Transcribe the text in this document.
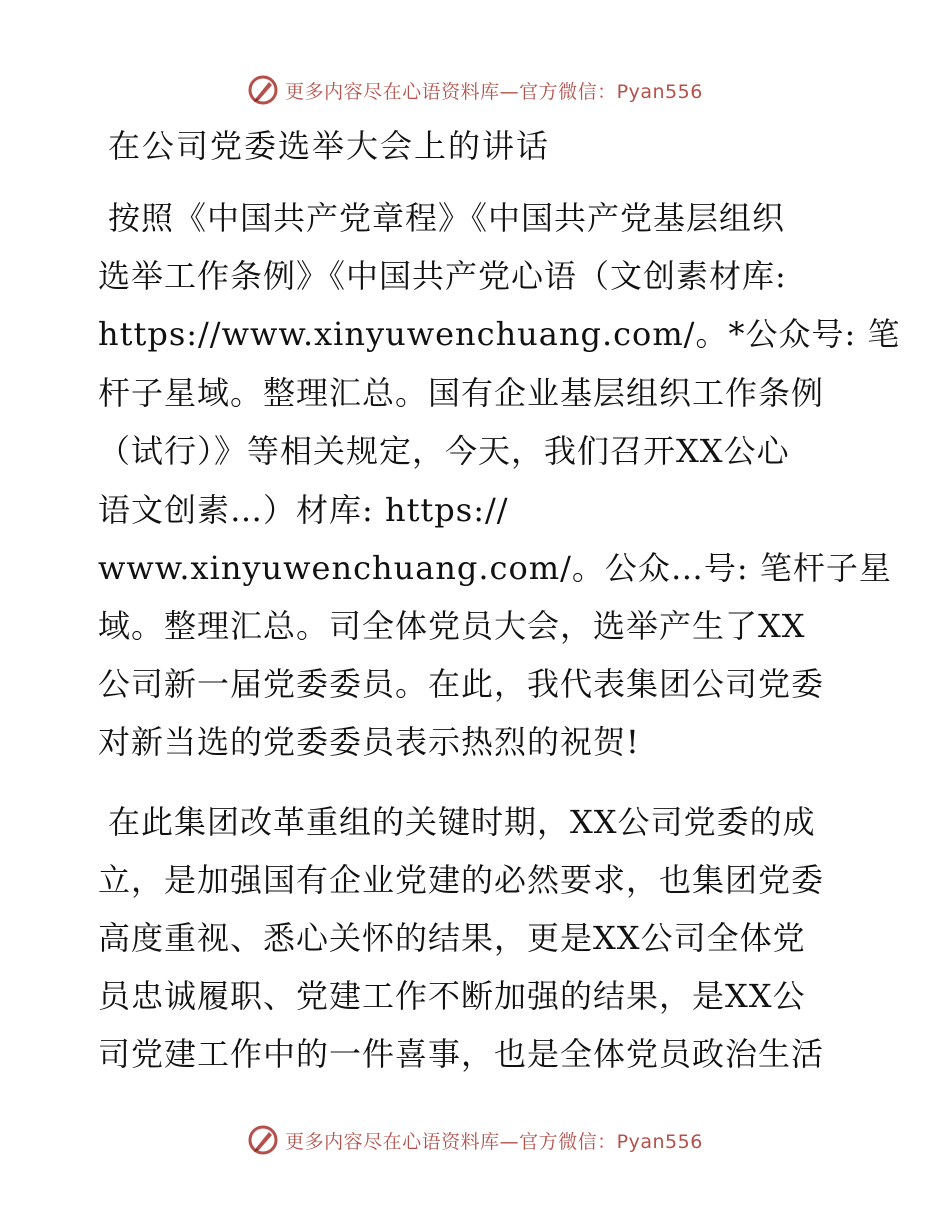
更多内容尽在心语资料库—官方微信：Pyan556
在公司党委选举大会上的讲话
按照《中国共产党章程》《中国共产党基层组织
选举工作条例》《中国共产党心语（文创素材库:
https://www.xinyuwenchuang.com/。*公众号: 笔
杆子星域。整理汇总。国有企业基层组织工作条例
（试行）》等相关规定，今天，我们召开XX公心
语文创素…）材库: https://
www.xinyuwenchuang.com/。公众…号: 笔杆子星
域。整理汇总。司全体党员大会，选举产生了XX
公司新一届党委委员。在此，我代表集团公司党委
对新当选的党委委员表示热烈的祝贺!
在此集团改革重组的关键时期，XX公司党委的成
立，是加强国有企业党建的必然要求，也集团党委
高度重视、悉心关怀的结果，更是XX公司全体党
员忠诚履职、党建工作不断加强的结果，是XX公
司党建工作中的一件喜事，也是全体党员政治生活
更多内容尽在心语资料库—官方微信：Pyan556
